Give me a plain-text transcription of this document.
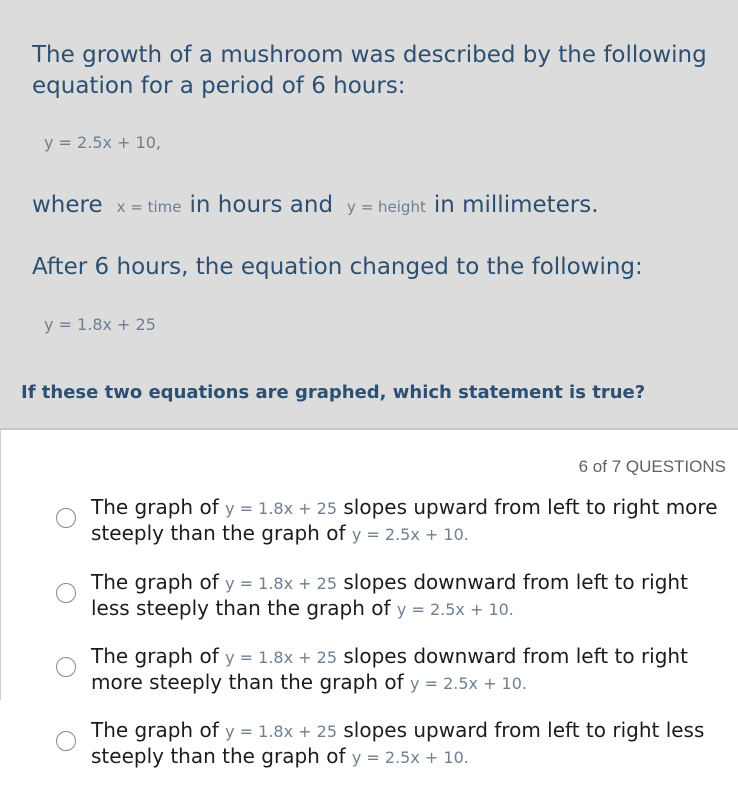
The growth of a mushroom was described by the following equation for a period of 6 hours:

y = 2.5x + 10,

where x = time in hours and y = height in millimeters.

After 6 hours, the equation changed to the following:

y = 1.8x + 25

If these two equations are graphed, which statement is true?

6 of 7 QUESTIONS
The graph of y = 1.8x + 25 slopes upward from left to right more steeply than the graph of y = 2.5x + 10.
The graph of y = 1.8x + 25 slopes downward from left to right less steeply than the graph of y = 2.5x + 10.
The graph of y = 1.8x + 25 slopes downward from left to right more steeply than the graph of y = 2.5x + 10.
The graph of y = 1.8x + 25 slopes upward from left to right less steeply than the graph of y = 2.5x + 10.
